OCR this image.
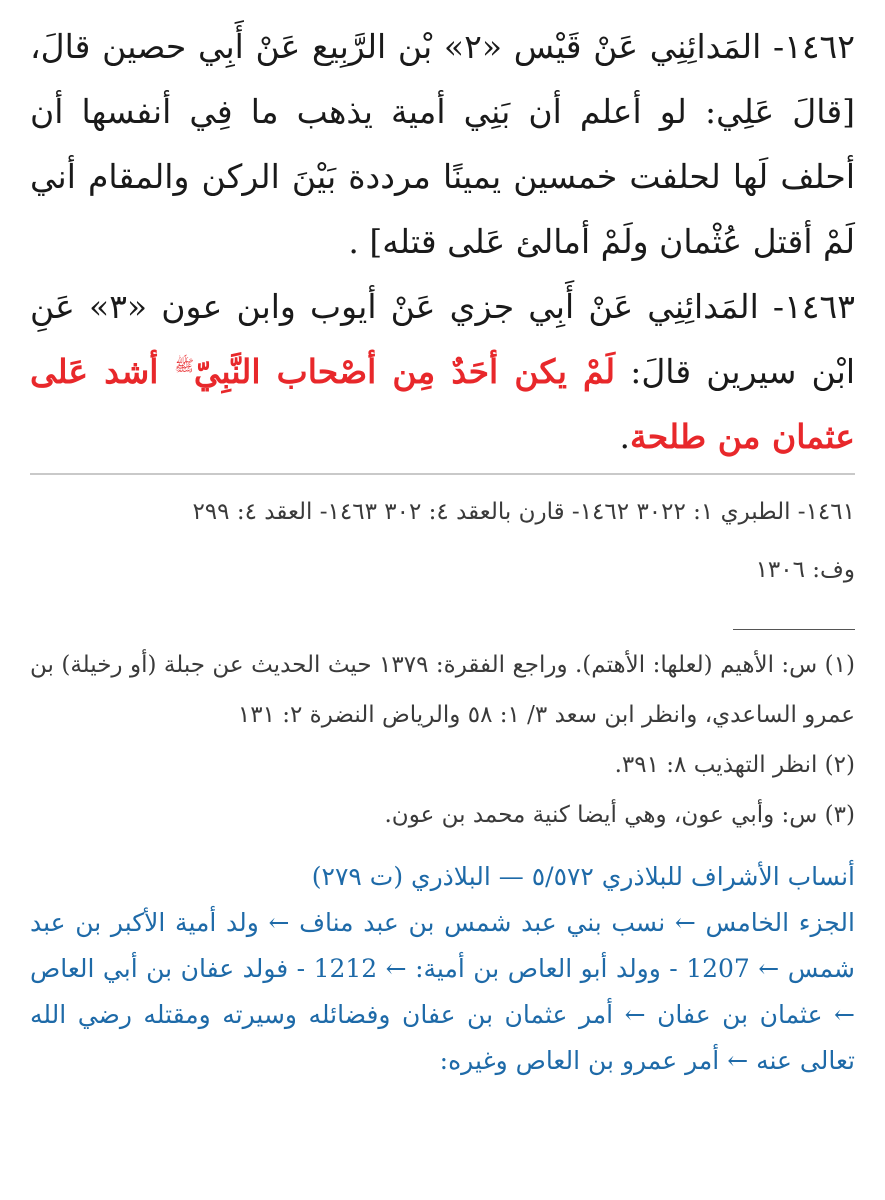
١٤٦٢- المَدائِنِي عَنْ قَيْس «٢» بْن الرَّبِيع عَنْ أَبِي حصين قالَ، [قالَ عَلِي: لو أعلم أن بَنِي أمية يذهب ما فِي أنفسها أن أحلف لَها لحلفت خمسين يمينًا مرددة بَيْنَ الركن والمقام أني لَمْ أقتل عُثْمان ولَمْ أمالئ عَلى قتله] .

١٤٦٣- المَدائِنِي عَنْ أَبِي جزي عَنْ أيوب وابن عون «٣» عَنِ ابْن سيرين قالَ: لَمْ يكن أحَدٌ مِن أصْحاب النَّبِيّﷺ أشد عَلى عثمان من طلحة.

١٤٦١- الطبري ١: ٣٠٢٢ ١٤٦٢- قارن بالعقد ٤: ٣٠٢ ١٤٦٣- العقد ٤: ٢٩٩
وف: ١٣٠٦

(١) س: الأهيم (لعلها: الأهتم). وراجع الفقرة: ١٣٧٩ حيث الحديث عن جبلة (أو رخيلة) بن عمرو الساعدي، وانظر ابن سعد ٣/ ١: ٥٨ والرياض النضرة ٢: ١٣١

(٢) انظر التهذيب ٨: ٣٩١.

(٣) س: وأبي عون، وهي أيضا كنية محمد بن عون.

أنساب الأشراف للبلاذري ٥/٥٧٢ — البلاذري (ت ٢٧٩)

الجزء الخامس ← نسب بني عبد شمس بن عبد مناف ← ولد أمية الأكبر بن عبد شمس ← 1207 - وولد أبو العاص بن أمية: ← 1212 - فولد عفان بن أبي العاص ← عثمان بن عفان ← أمر عثمان بن عفان وفضائله وسيرته ومقتله رضي الله تعالى عنه ← أمر عمرو بن العاص وغيره:
